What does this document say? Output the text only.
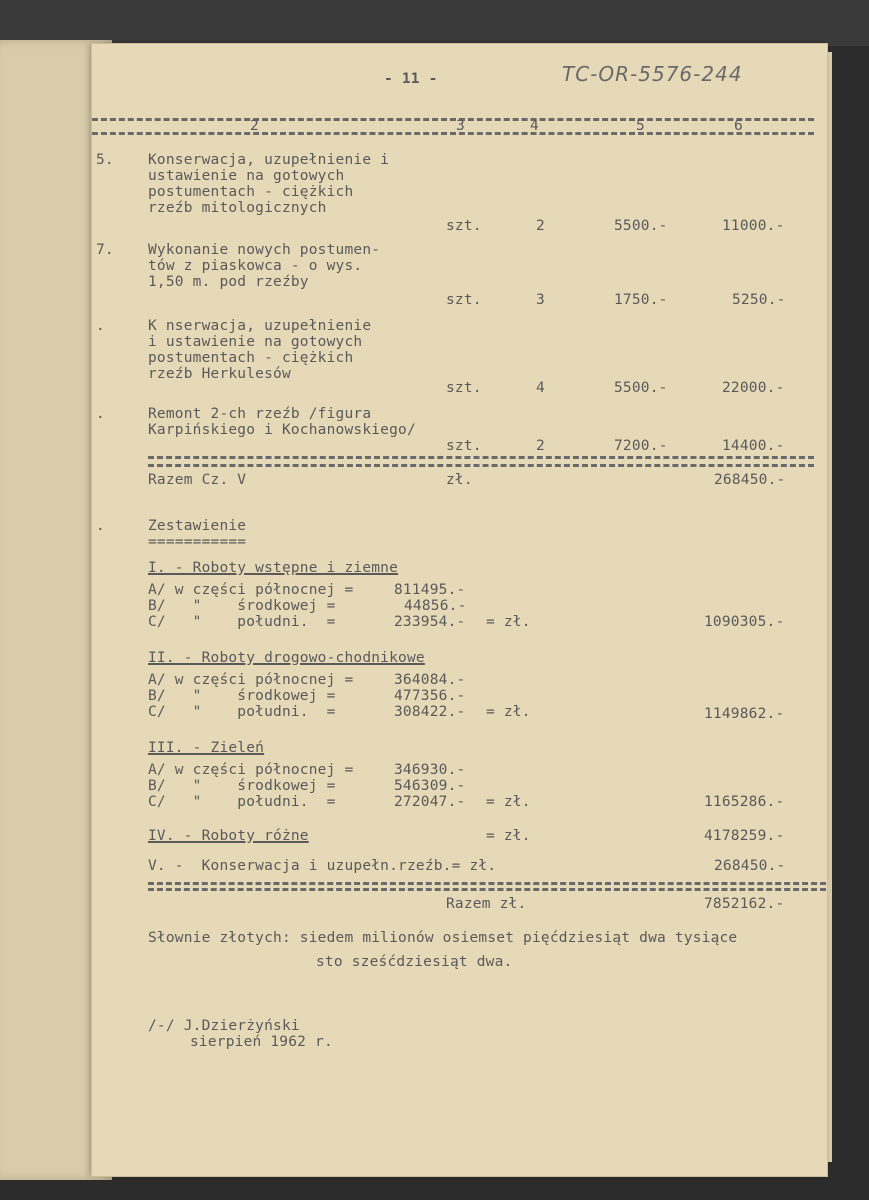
- 11 -	TC-OR-5576-244
2	3	4	5	6
5. Konserwacja, uzupełnienie i
ustawienie na gotowych
postumentach - ciężkich
rzeźb mitologicznych
szt.	2	5500.-	11000.-
7. Wykonanie nowych postumen-
tów z piaskowca - o wys.
1,50 m. pod rzeźby
szt.	3	1750.-	5250.-
.	K nserwacja, uzupełnienie
i ustawienie na gotowych
postumentach - ciężkich
rzeźb Herkulesów
szt.	4	5500.-	22000.-
.	Remont 2-ch rzeźb /figura
Karpińskiego i Kochanowskiego/
szt.	2	7200.-	14400.-
Razem Cz. V	zł.	268450.-
.	Zestawienie
===========
I. - Roboty wstępne i ziemne
A/ w części północnej =	811495.-
B/   "    środkowej =	44856.-
C/   "    południ.  =	233954.- = zł.	1090305.-
II. - Roboty drogowo-chodnikowe
A/ w części północnej =	364084.-
B/   "    środkowej =	477356.-
C/   "    południ.  =	308422.- = zł.	1149862.-
III. - Zieleń
A/ w części północnej =	346930.-
B/   "    środkowej =	546309.-
C/   "    południ.  =	272047.- = zł.	1165286.-
IV. - Roboty różne	= zł.	4178259.-
V. -  Konserwacja i uzupełn.rzeźb.= zł.	268450.-
Razem zł.	7852162.-
Słownie złotych: siedem milionów osiemset pięćdziesiąt dwa tysiące
sto sześćdziesiąt dwa.
/-/ J.Dzierżyński
sierpień 1962 r.
